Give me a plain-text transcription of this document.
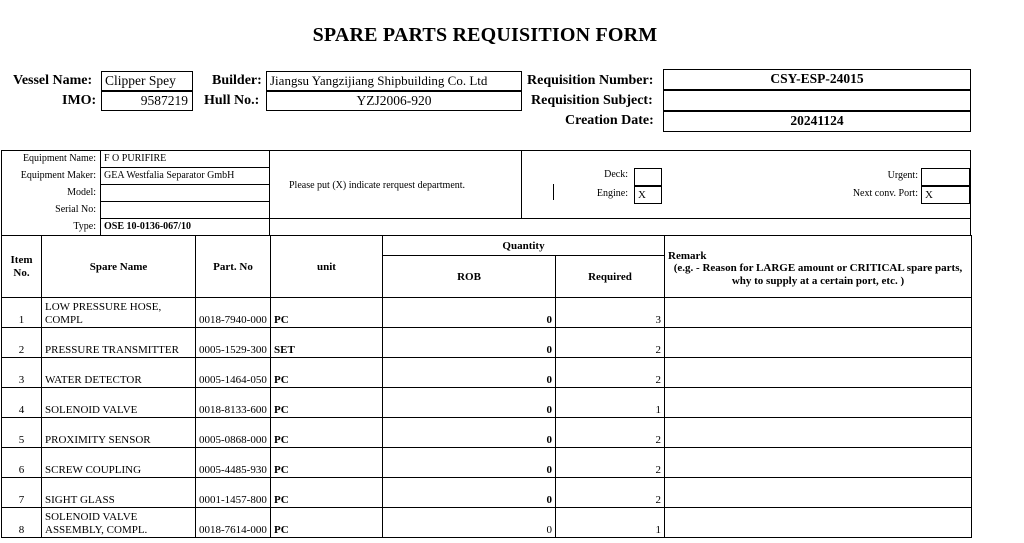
SPARE PARTS REQUISITION FORM
Vessel Name: Clipper Spey
IMO:	9587219
Builder: Jiangsu Yangzijiang Shipbuilding Co. Ltd
Hull No.:	YZJ2006-920
Requisition Number:	CSY-ESP-24015
Requisition Subject:
Creation Date:	20241124
Equipment Name: F O PURIFIRE
Equipment Maker: GEA Westfalia Separator GmbH
Model:
Serial No:
Type: OSE 10-0136-067/10
Please put (X) indicate rerquest department.
Deck:
Engine: X
Urgent:
Next conv. Port: X
Item No.	Spare Name	Part. No	unit	Quantity		Remark
(e.g. - Reason for LARGE amount or CRITICAL spare parts, why to supply at a certain port, etc. )

				ROB	Required	
1	LOW PRESSURE HOSE, COMPL	0018-7940-000	PC	0	3	
2	PRESSURE TRANSMITTER	0005-1529-300	SET	0	2	
3	WATER DETECTOR	0005-1464-050	PC	0	2	
4	SOLENOID VALVE	0018-8133-600	PC	0	1	
5	PROXIMITY SENSOR	0005-0868-000	PC	0	2	
6	SCREW COUPLING	0005-4485-930	PC	0	2	
7	SIGHT GLASS	0001-1457-800	PC	0	2	
8	SOLENOID VALVE ASSEMBLY, COMPL.	0018-7614-000	PC	0	1	
